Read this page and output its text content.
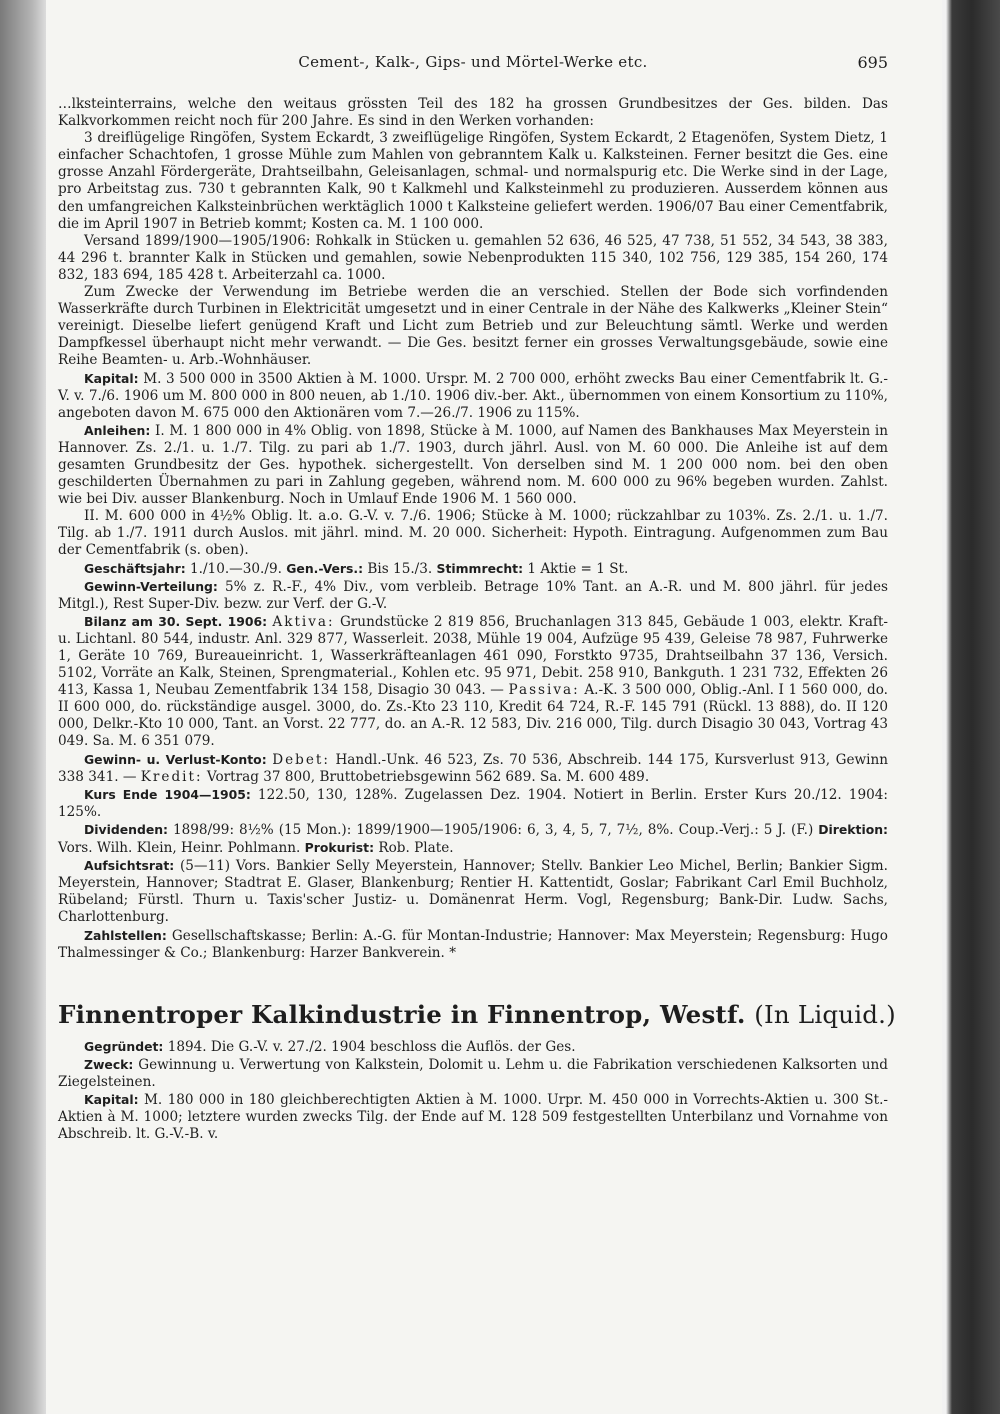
Cement-, Kalk-, Gips- und Mörtel-Werke etc.	695

…lksteinterrains, welche den weitaus grössten Teil des 182 ha grossen Grundbesitzes der Ges. bilden. Das Kalkvorkommen reicht noch für 200 Jahre. Es sind in den Werken vorhanden:

3 dreiflügelige Ringöfen, System Eckardt, 3 zweiflügelige Ringöfen, System Eckardt, 2 Etagenöfen, System Dietz, 1 einfacher Schachtofen, 1 grosse Mühle zum Mahlen von gebranntem Kalk u. Kalksteinen. Ferner besitzt die Ges. eine grosse Anzahl Fördergeräte, Drahtseilbahn, Geleisanlagen, schmal- und normalspurig etc. Die Werke sind in der Lage, pro Arbeitstag zus. 730 t gebrannten Kalk, 90 t Kalkmehl und Kalksteinmehl zu produzieren. Ausserdem können aus den umfangreichen Kalksteinbrüchen werktäglich 1000 t Kalksteine geliefert werden. 1906/07 Bau einer Cementfabrik, die im April 1907 in Betrieb kommt; Kosten ca. M. 1 100 000.

Versand 1899/1900—1905/1906: Rohkalk in Stücken u. gemahlen 52 636, 46 525, 47 738, 51 552, 34 543, 38 383, 44 296 t. brannter Kalk in Stücken und gemahlen, sowie Nebenprodukten 115 340, 102 756, 129 385, 154 260, 174 832, 183 694, 185 428 t. Arbeiterzahl ca. 1000.

Zum Zwecke der Verwendung im Betriebe werden die an verschied. Stellen der Bode sich vorfindenden Wasserkräfte durch Turbinen in Elektricität umgesetzt und in einer Centrale in der Nähe des Kalkwerks „Kleiner Stein“ vereinigt. Dieselbe liefert genügend Kraft und Licht zum Betrieb und zur Beleuchtung sämtl. Werke und werden Dampfkessel überhaupt nicht mehr verwandt. — Die Ges. besitzt ferner ein grosses Verwaltungsgebäude, sowie eine Reihe Beamten- u. Arb.-Wohnhäuser.

Kapital: M. 3 500 000 in 3500 Aktien à M. 1000. Urspr. M. 2 700 000, erhöht zwecks Bau einer Cementfabrik lt. G.-V. v. 7./6. 1906 um M. 800 000 in 800 neuen, ab 1./10. 1906 div.-ber. Akt., übernommen von einem Konsortium zu 110%, angeboten davon M. 675 000 den Aktionären vom 7.—26./7. 1906 zu 115%.

Anleihen: I. M. 1 800 000 in 4% Oblig. von 1898, Stücke à M. 1000, auf Namen des Bankhauses Max Meyerstein in Hannover. Zs. 2./1. u. 1./7. Tilg. zu pari ab 1./7. 1903, durch jährl. Ausl. von M. 60 000. Die Anleihe ist auf dem gesamten Grundbesitz der Ges. hypothek. sichergestellt. Von derselben sind M. 1 200 000 nom. bei den oben geschilderten Übernahmen zu pari in Zahlung gegeben, während nom. M. 600 000 zu 96% begeben wurden. Zahlst. wie bei Div. ausser Blankenburg. Noch in Umlauf Ende 1906 M. 1 560 000.

II. M. 600 000 in 4½% Oblig. lt. a.o. G.-V. v. 7./6. 1906; Stücke à M. 1000; rückzahlbar zu 103%. Zs. 2./1. u. 1./7. Tilg. ab 1./7. 1911 durch Auslos. mit jährl. mind. M. 20 000. Sicherheit: Hypoth. Eintragung. Aufgenommen zum Bau der Cementfabrik (s. oben).

Geschäftsjahr: 1./10.—30./9. Gen.-Vers.: Bis 15./3. Stimmrecht: 1 Aktie = 1 St.

Gewinn-Verteilung: 5% z. R.-F., 4% Div., vom verbleib. Betrage 10% Tant. an A.-R. und M. 800 jährl. für jedes Mitgl.), Rest Super-Div. bezw. zur Verf. der G.-V.

Bilanz am 30. Sept. 1906: Aktiva: Grundstücke 2 819 856, Bruchanlagen 313 845, Gebäude 1 003, elektr. Kraft- u. Lichtanl. 80 544, industr. Anl. 329 877, Wasserleit. 2038, Mühle 19 004, Aufzüge 95 439, Geleise 78 987, Fuhrwerke 1, Geräte 10 769, Bureaueinricht. 1, Wasserkräfteanlagen 461 090, Forstkto 9735, Drahtseilbahn 37 136, Versich. 5102, Vorräte an Kalk, Steinen, Sprengmaterial., Kohlen etc. 95 971, Debit. 258 910, Bankguth. 1 231 732, Effekten 26 413, Kassa 1, Neubau Zementfabrik 134 158, Disagio 30 043. — Passiva: A.-K. 3 500 000, Oblig.-Anl. I 1 560 000, do. II 600 000, do. rückständige ausgel. 3000, do. Zs.-Kto 23 110, Kredit 64 724, R.-F. 145 791 (Rückl. 13 888), do. II 120 000, Delkr.-Kto 10 000, Tant. an Vorst. 22 777, do. an A.-R. 12 583, Div. 216 000, Tilg. durch Disagio 30 043, Vortrag 43 049. Sa. M. 6 351 079.

Gewinn- u. Verlust-Konto: Debet: Handl.-Unk. 46 523, Zs. 70 536, Abschreib. 144 175, Kursverlust 913, Gewinn 338 341. — Kredit: Vortrag 37 800, Bruttobetriebsgewinn 562 689. Sa. M. 600 489.

Kurs Ende 1904—1905: 122.50, 130, 128%. Zugelassen Dez. 1904. Notiert in Berlin. Erster Kurs 20./12. 1904: 125%.

Dividenden: 1898/99: 8½% (15 Mon.): 1899/1900—1905/1906: 6, 3, 4, 5, 7, 7½, 8%. Coup.-Verj.: 5 J. (F.) Direktion: Vors. Wilh. Klein, Heinr. Pohlmann. Prokurist: Rob. Plate.

Aufsichtsrat: (5—11) Vors. Bankier Selly Meyerstein, Hannover; Stellv. Bankier Leo Michel, Berlin; Bankier Sigm. Meyerstein, Hannover; Stadtrat E. Glaser, Blankenburg; Rentier H. Kattentidt, Goslar; Fabrikant Carl Emil Buchholz, Rübeland; Fürstl. Thurn u. Taxis'scher Justiz- u. Domänenrat Herm. Vogl, Regensburg; Bank-Dir. Ludw. Sachs, Charlottenburg.

Zahlstellen: Gesellschaftskasse; Berlin: A.-G. für Montan-Industrie; Hannover: Max Meyerstein; Regensburg: Hugo Thalmessinger & Co.; Blankenburg: Harzer Bankverein. *

Finnentroper Kalkindustrie in Finnentrop, Westf. (In Liquid.)

Gegründet: 1894. Die G.-V. v. 27./2. 1904 beschloss die Auflös. der Ges.

Zweck: Gewinnung u. Verwertung von Kalkstein, Dolomit u. Lehm u. die Fabrikation verschiedenen Kalksorten und Ziegelsteinen.

Kapital: M. 180 000 in 180 gleichberechtigten Aktien à M. 1000. Urpr. M. 450 000 in Vorrechts-Aktien u. 300 St.-Aktien à M. 1000; letztere wurden zwecks Tilg. der Ende auf M. 128 509 festgestellten Unterbilanz und Vornahme von Abschreib. lt. G.-V.-B. v.
